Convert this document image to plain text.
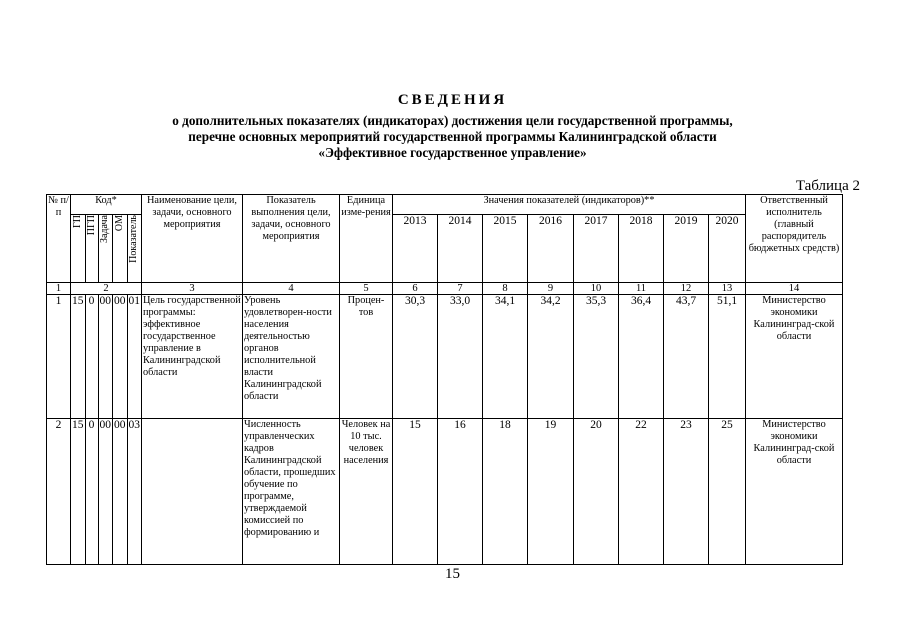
СВЕДЕНИЯ
о дополнительных показателях (индикаторах) достижения цели государственной программы,
перечне основных мероприятий государственной программы Калининградской области
«Эффективное государственное управление»
Таблица 2
№ п/п	Код*					Наименование цели, задачи, основного мероприятия	Показатель выполнения цели, задачи, основного мероприятия	Единица изме-рения	Значения показателей (индикаторов)**								Ответственный исполнитель (главный распорядитель бюджетных средств)

	ГП	ПГП	Задача	ОМ	Показатель				2013	2014	2015	2016	2017	2018	2019	2020	
1	2					3	4	5	6	7	8	9	10	11	12	13	14
1	15	0	00	00	01	Цель государственной программы: эффективное государственное управление в Калининградской области	Уровень удовлетворен-ности населения деятельностью органов исполнительной власти Калининградской области	Процен-тов	30,3	33,0	34,1	34,2	35,3	36,4	43,7	51,1	Министерство экономики Калининград-ской области
2	15	0	00	00	03		Численность управленческих кадров Калининградской области, прошедших обучение по программе, утверждаемой комиссией по формированию и	Человек на 10 тыс. человек населения	15	16	18	19	20	22	23	25	Министерство экономики Калининград-ской области
15
